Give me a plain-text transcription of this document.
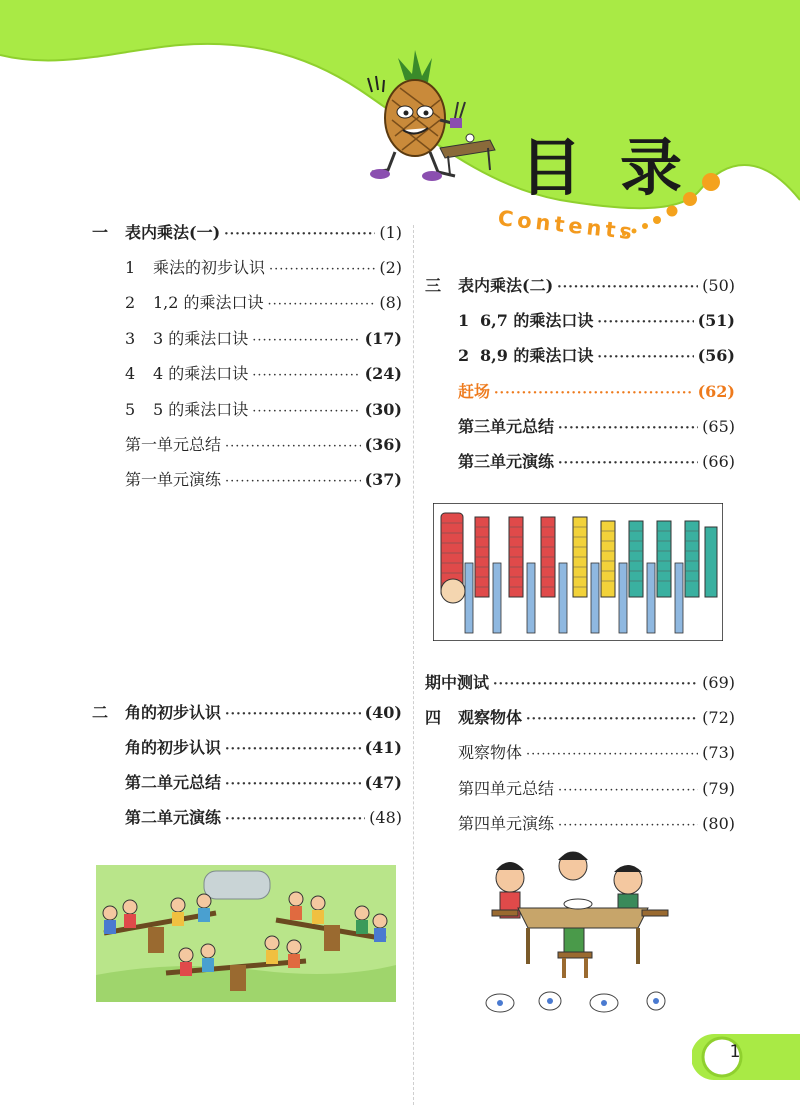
目录
Contents
一	表内乘法(一) ·····	(1)
1	乘法的初步认识 ·····	(2)
2	1,2 的乘法口诀 ·····	(8)
3	3 的乘法口诀 ·····	(17)
4	4 的乘法口诀 ·····	(24)
5	5 的乘法口诀 ·····	(30)
第一单元总结 ·····	(36)
第一单元演练 ·····	(37)
二	角的初步认识 ·····	(40)
角的初步认识 ·····	(41)
第二单元总结 ·····	(47)
第二单元演练 ·····	(48)
三	表内乘法(二) ·····	(50)
1 6,7 的乘法口诀 ·····	(51)
2 8,9 的乘法口诀 ·····	(56)
赶场 ·····	(62)
第三单元总结 ·····	(65)
第三单元演练 ·····	(66)
期中测试 ·····	(69)
四	观察物体 ·····	(72)
观察物体 ·····	(73)
第四单元总结 ·····	(79)
第四单元演练 ·····	(80)
1
